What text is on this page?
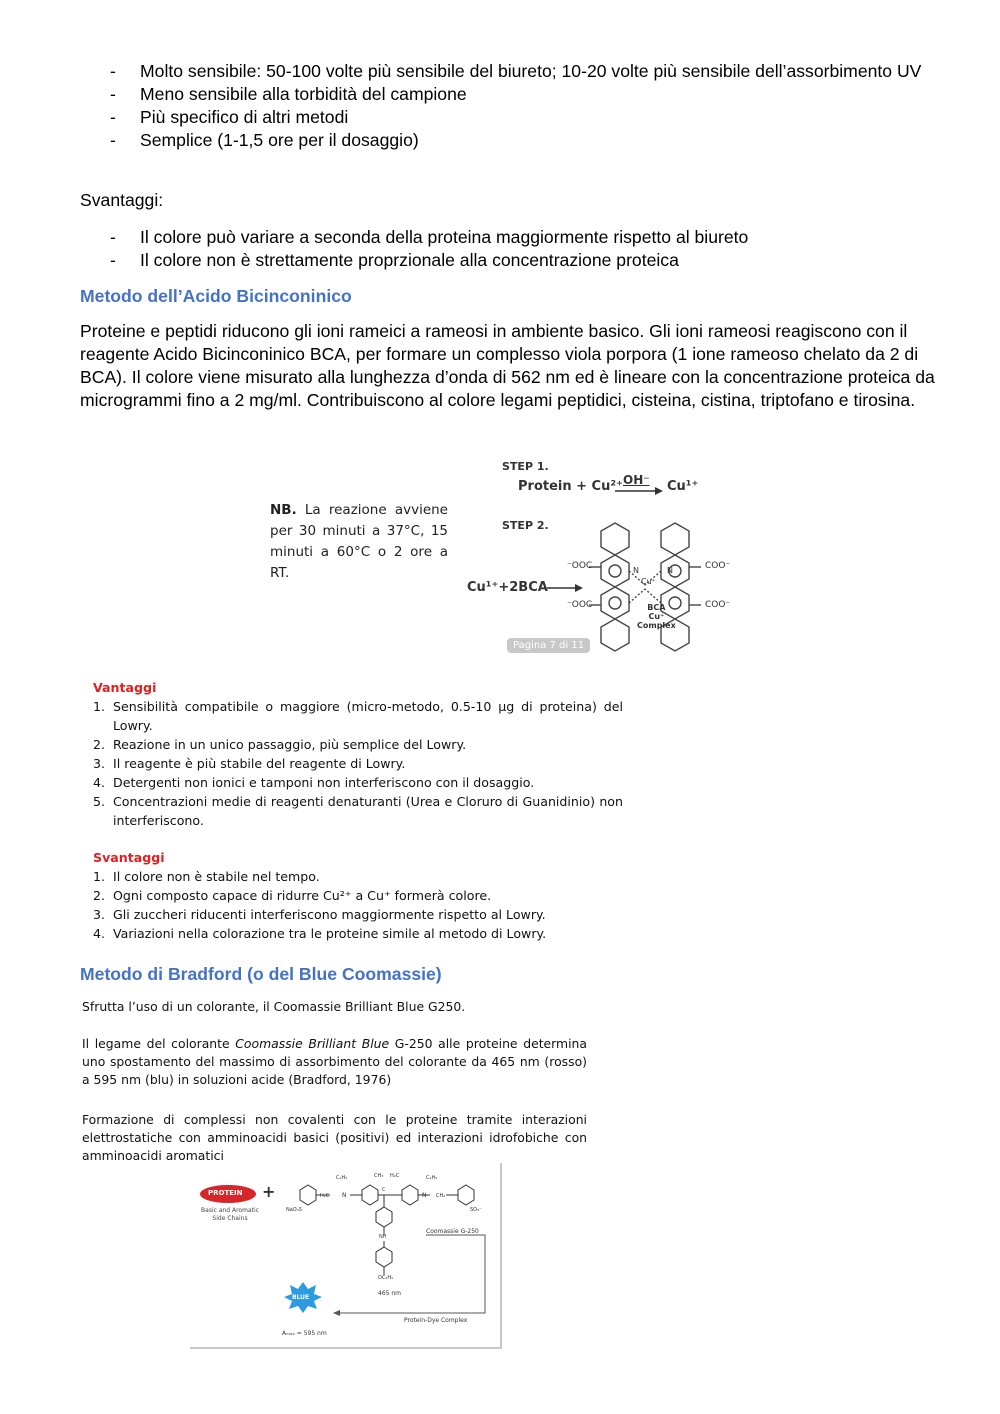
- Molto sensibile: 50-100 volte più sensibile del biureto; 10-20 volte più sensibile dell’assorbimento UV
- Meno sensibile alla torbidità del campione
- Più specifico di altri metodi
- Semplice (1-1,5 ore per il dosaggio)
Svantaggi:
- Il colore può variare a seconda della proteina maggiormente rispetto al biureto
- Il colore non è strettamente proprzionale alla concentrazione proteica
Metodo dell’Acido Bicinconinico
Proteine e peptidi riducono gli ioni rameici a rameosi in ambiente basico. Gli ioni rameosi reagiscono con il reagente Acido Bicinconinico BCA, per formare un complesso viola porpora (1 ione rameoso chelato da 2 di BCA). Il colore viene misurato alla lunghezza d’onda di 562 nm ed è lineare con la concentrazione proteica da microgrammi fino a 2 mg/ml. Contribuiscono al colore legami peptidici, cisteina, cistina, triptofano e tirosina.
NB. La reazione avviene per 30 minuti a 37°C, 15 minuti a 60°C o 2 ore a RT.
STEP 1.
Protein + Cu²⁺ OH⁻ Cu¹⁺
STEP 2.
Cu¹⁺+2BCA
⁻OOC
⁻OOC
COO⁻
COO⁻
N	N
Cu⁺
BCA
Cu⁺
Complex
Pagina 7 di 11
Vantaggi
1. Sensibilità compatibile o maggiore (micro-metodo, 0.5-10 µg di proteina) del Lowry.
2. Reazione in un unico passaggio, più semplice del Lowry.
3. Il reagente è più stabile del reagente di Lowry.
4. Detergenti non ionici e tamponi non interferiscono con il dosaggio.
5. Concentrazioni medie di reagenti denaturanti (Urea e Cloruro di Guanidinio) non interferiscono.
Svantaggi
1. Il colore non è stabile nel tempo.
2. Ogni composto capace di ridurre Cu²⁺ a Cu⁺ formerà colore.
3. Gli zuccheri riducenti interferiscono maggiormente rispetto al Lowry.
4. Variazioni nella colorazione tra le proteine simile al metodo di Lowry.
Metodo di Bradford (o del Blue Coomassie)
Sfrutta l’uso di un colorante, il Coomassie Brilliant Blue G250.
Il legame del colorante Coomassie Brilliant Blue G-250 alle proteine determina uno spostamento del massimo di assorbimento del colorante da 465 nm (rosso) a 595 nm (blu) in soluzioni acide (Bradford, 1976)
Formazione di complessi non covalenti con le proteine tramite interazioni elettrostatiche con amminoacidi basici (positivi) ed interazioni idrofobiche con amminoacidi aromatici
PROTEIN
Basic and Aromatic
Side Chains
+
NaO₃S	SO₃⁻
C₂H₅	C₂H₅
CH₃ H₂C
H₂C	CH₂
N	N
C
NH
OC₂H₅
Coomassie G-250
465 nm
BLUE
Aₘₐₓ = 595 nm
Protein-Dye Complex
